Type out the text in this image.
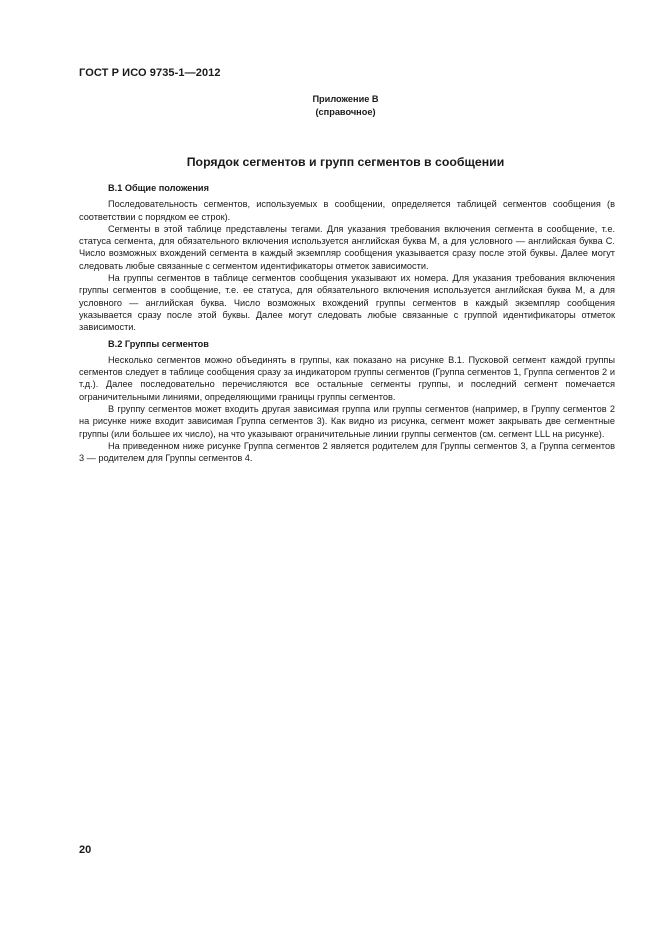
ГОСТ Р ИСО 9735-1—2012
Приложение В
(справочное)
Порядок сегментов и групп сегментов в сообщении

В.1 Общие положения

Последовательность сегментов, используемых в сообщении, определяется таблицей сегментов сообщения (в соответствии с порядком ее строк).

Сегменты в этой таблице представлены тегами. Для указания требования включения сегмента в сообщение, т.е. статуса сегмента, для обязательного включения используется английская буква М, а для условного — английская буква С. Число возможных вхождений сегмента в каждый экземпляр сообщения указывается сразу после этой буквы. Далее могут следовать любые связанные с сегментом идентификаторы отметок зависимости.

На группы сегментов в таблице сегментов сообщения указывают их номера. Для указания требования включения группы сегментов в сообщение, т.е. ее статуса, для обязательного включения используется английская буква М, а для условного — английская буква. Число возможных вхождений группы сегментов в каждый экземпляр сообщения указывается сразу после этой буквы. Далее могут следовать любые связанные с группой идентификаторы отметок зависимости.

В.2 Группы сегментов

Несколько сегментов можно объединять в группы, как показано на рисунке В.1. Пусковой сегмент каждой группы сегментов следует в таблице сообщения сразу за индикатором группы сегментов (Группа сегментов 1, Группа сегментов 2 и т.д.). Далее последовательно перечисляются все остальные сегменты группы, и последний сегмент помечается ограничительными линиями, определяющими границы группы сегментов.

В группу сегментов может входить другая зависимая группа или группы сегментов (например, в Группу сегментов 2 на рисунке ниже входит зависимая Группа сегментов 3). Как видно из рисунка, сегмент может закрывать две сегментные группы (или большее их число), на что указывают ограничительные линии группы сегментов (см. сегмент LLL на рисунке).

На приведенном ниже рисунке Группа сегментов 2 является родителем для Группы сегментов 3, а Группа сегментов 3 — родителем для Группы сегментов 4.

20
